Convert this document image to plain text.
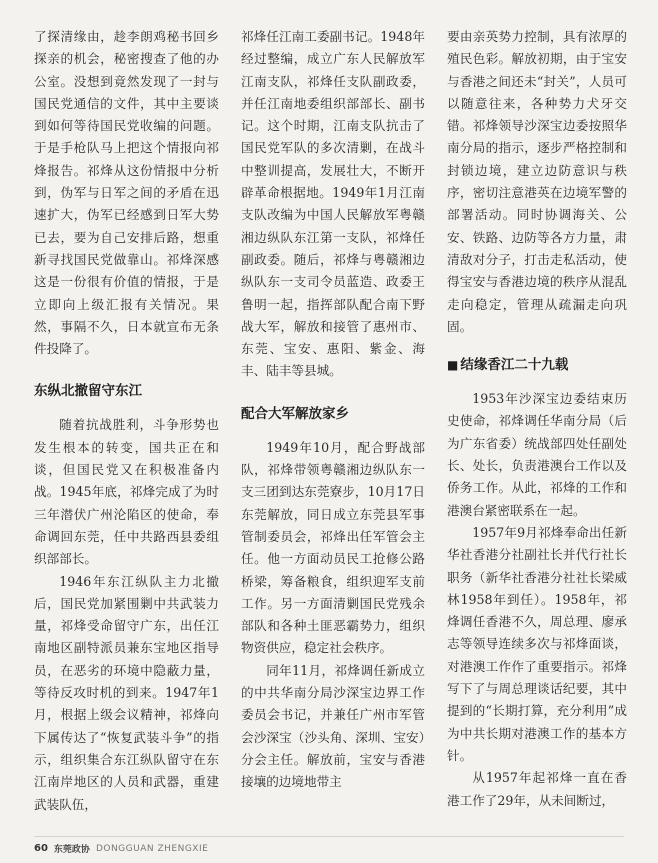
了探清缘由，趁李朗鸡秘书回乡探亲的机会，秘密搜查了他的办公室。没想到竟然发现了一封与国民党通信的文件，其中主要谈到如何等待国民党收编的问题。于是手枪队马上把这个情报向祁烽报告。祁烽从这份情报中分析到，伪军与日军之间的矛盾在迅速扩大，伪军已经感到日军大势已去，要为自己安排后路，想重新寻找国民党做靠山。祁烽深感这是一份很有价值的情报，于是立即向上级汇报有关情况。果然，事隔不久，日本就宣布无条件投降了。

东纵北撤留守东江

随着抗战胜利，斗争形势也发生根本的转变，国共正在和谈，但国民党又在积极准备内战。1945年底，祁烽完成了为时三年潜伏广州沦陷区的使命，奉命调回东莞，任中共路西县委组织部部长。

1946年东江纵队主力北撤后，国民党加紧围剿中共武装力量，祁烽受命留守广东，出任江南地区副特派员兼东宝地区指导员，在恶劣的环境中隐蔽力量，等待反攻时机的到来。1947年1月，根据上级会议精神，祁烽向下属传达了“恢复武装斗争”的指示，组织集合东江纵队留守在东江南岸地区的人员和武器，重建武装队伍，

祁烽任江南工委副书记。1948年经过整编，成立广东人民解放军江南支队，祁烽任支队副政委，并任江南地委组织部部长、副书记。这个时期，江南支队抗击了国民党军队的多次清剿，在战斗中整训提高，发展壮大，不断开辟革命根据地。1949年1月江南支队改编为中国人民解放军粤赣湘边纵队东江第一支队，祁烽任副政委。随后，祁烽与粤赣湘边纵队东一支司令员蓝造、政委王鲁明一起，指挥部队配合南下野战大军，解放和接管了惠州市、东莞、宝安、惠阳、紫金、海丰、陆丰等县城。

配合大军解放家乡

1949年10月，配合野战部队，祁烽带领粤赣湘边纵队东一支三团到达东莞寮步，10月17日东莞解放，同日成立东莞县军事管制委员会，祁烽出任军管会主任。他一方面动员民工抢修公路桥梁，筹备粮食，组织迎军支前工作。另一方面清剿国民党残余部队和各种土匪恶霸势力，组织物资供应，稳定社会秩序。

同年11月，祁烽调任新成立的中共华南分局沙深宝边界工作委员会书记，并兼任广州市军管会沙深宝（沙头角、深圳、宝安）分会主任。解放前，宝安与香港接壤的边境地带主

要由亲英势力控制，具有浓厚的殖民色彩。解放初期，由于宝安与香港之间还未“封关”，人员可以随意往来，各种势力犬牙交错。祁烽领导沙深宝边委按照华南分局的指示，逐步严格控制和封锁边境，建立边防意识与秩序，密切注意港英在边境军警的部署活动。同时协调海关、公安、铁路、边防等各方力量，肃清敌对分子，打击走私活动，使得宝安与香港边境的秩序从混乱走向稳定，管理从疏漏走向巩固。

■ 结缘香江二十九载

1953年沙深宝边委结束历史使命，祁烽调任华南分局（后为广东省委）统战部四处任副处长、处长，负责港澳台工作以及侨务工作。从此，祁烽的工作和港澳台紧密联系在一起。

1957年9月祁烽奉命出任新华社香港分社副社长并代行社长职务（新华社香港分社社长梁威林1958年到任）。1958年，祁烽调任香港不久，周总理、廖承志等领导连续多次与祁烽面谈，对港澳工作作了重要指示。祁烽写下了与周总理谈话纪要，其中提到的“长期打算，充分利用”成为中共长期对港澳工作的基本方针。

从1957年起祁烽一直在香港工作了29年，从未间断过，

60 东莞政协 DONGGUAN ZHENGXIE
